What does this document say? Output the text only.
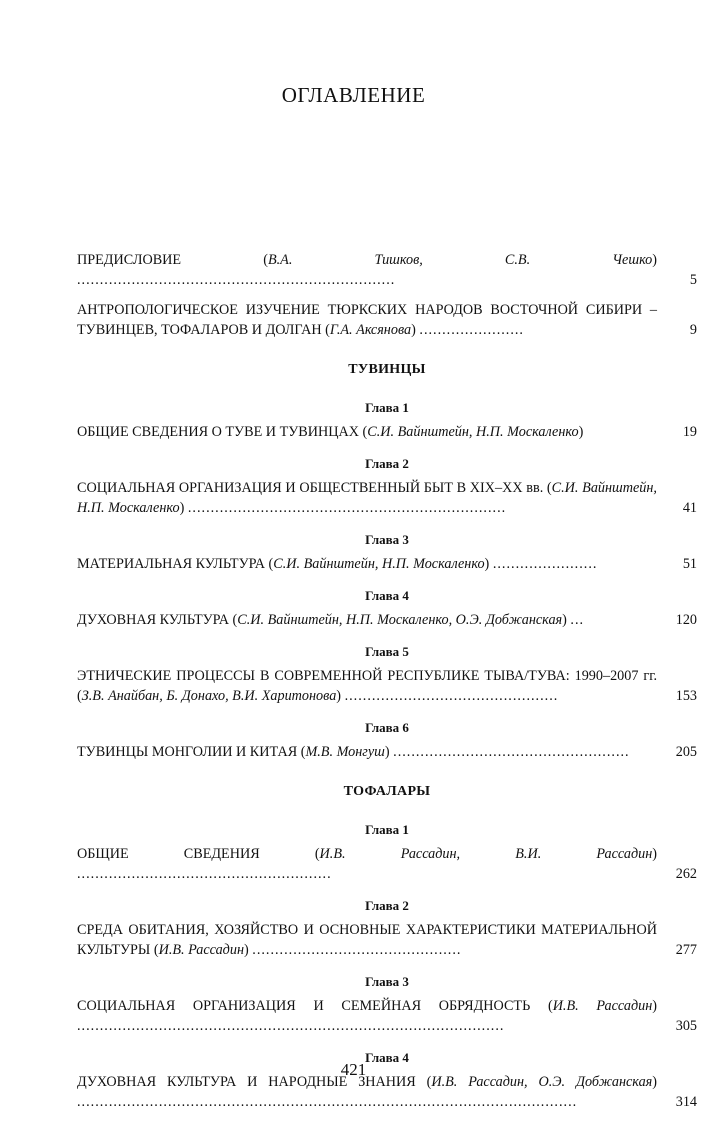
ОГЛАВЛЕНИЕ
ПРЕДИСЛОВИЕ (В.А. Тишков, С.В. Чешко) ......................................................................	5
АНТРОПОЛОГИЧЕСКОЕ ИЗУЧЕНИЕ ТЮРКСКИХ НАРОДОВ ВОСТОЧНОЙ СИБИРИ – ТУВИНЦЕВ, ТОФАЛАРОВ И ДОЛГАН (Г.А. Аксянова) .......................	9
ТУВИНЦЫ
Глава 1
ОБЩИЕ СВЕДЕНИЯ О ТУВЕ И ТУВИНЦАХ (С.И. Вайнштейн, Н.П. Москаленко)	19
Глава 2
СОЦИАЛЬНАЯ ОРГАНИЗАЦИЯ И ОБЩЕСТВЕННЫЙ БЫТ В XIX–XX вв. (С.И. Вайнштейн, Н.П. Москаленко) ......................................................................	41
Глава 3
МАТЕРИАЛЬНАЯ КУЛЬТУРА (С.И. Вайнштейн, Н.П. Москаленко) .......................	51
Глава 4
ДУХОВНАЯ КУЛЬТУРА (С.И. Вайнштейн, Н.П. Москаленко, О.Э. Добжанская) ...	120
Глава 5
ЭТНИЧЕСКИЕ ПРОЦЕССЫ В СОВРЕМЕННОЙ РЕСПУБЛИКЕ ТЫВА/ТУВА: 1990–2007 гг. (З.В. Анайбан, Б. Донахо, В.И. Харитонова) ...............................................	153
Глава 6
ТУВИНЦЫ МОНГОЛИИ И КИТАЯ (М.В. Монгуш) ....................................................	205
ТОФАЛАРЫ
Глава 1
ОБЩИЕ СВЕДЕНИЯ (И.В. Рассадин, В.И. Рассадин) ........................................................	262
Глава 2
СРЕДА ОБИТАНИЯ, ХОЗЯЙСТВО И ОСНОВНЫЕ ХАРАКТЕРИСТИКИ МАТЕРИАЛЬНОЙ КУЛЬТУРЫ (И.В. Рассадин) ..............................................	277
Глава 3
СОЦИАЛЬНАЯ ОРГАНИЗАЦИЯ И СЕМЕЙНАЯ ОБРЯДНОСТЬ (И.В. Рассадин) ..............................................................................................	305
Глава 4
ДУХОВНАЯ КУЛЬТУРА И НАРОДНЫЕ ЗНАНИЯ (И.В. Рассадин, О.Э. Добжанская) ..............................................................................................................	314
421
